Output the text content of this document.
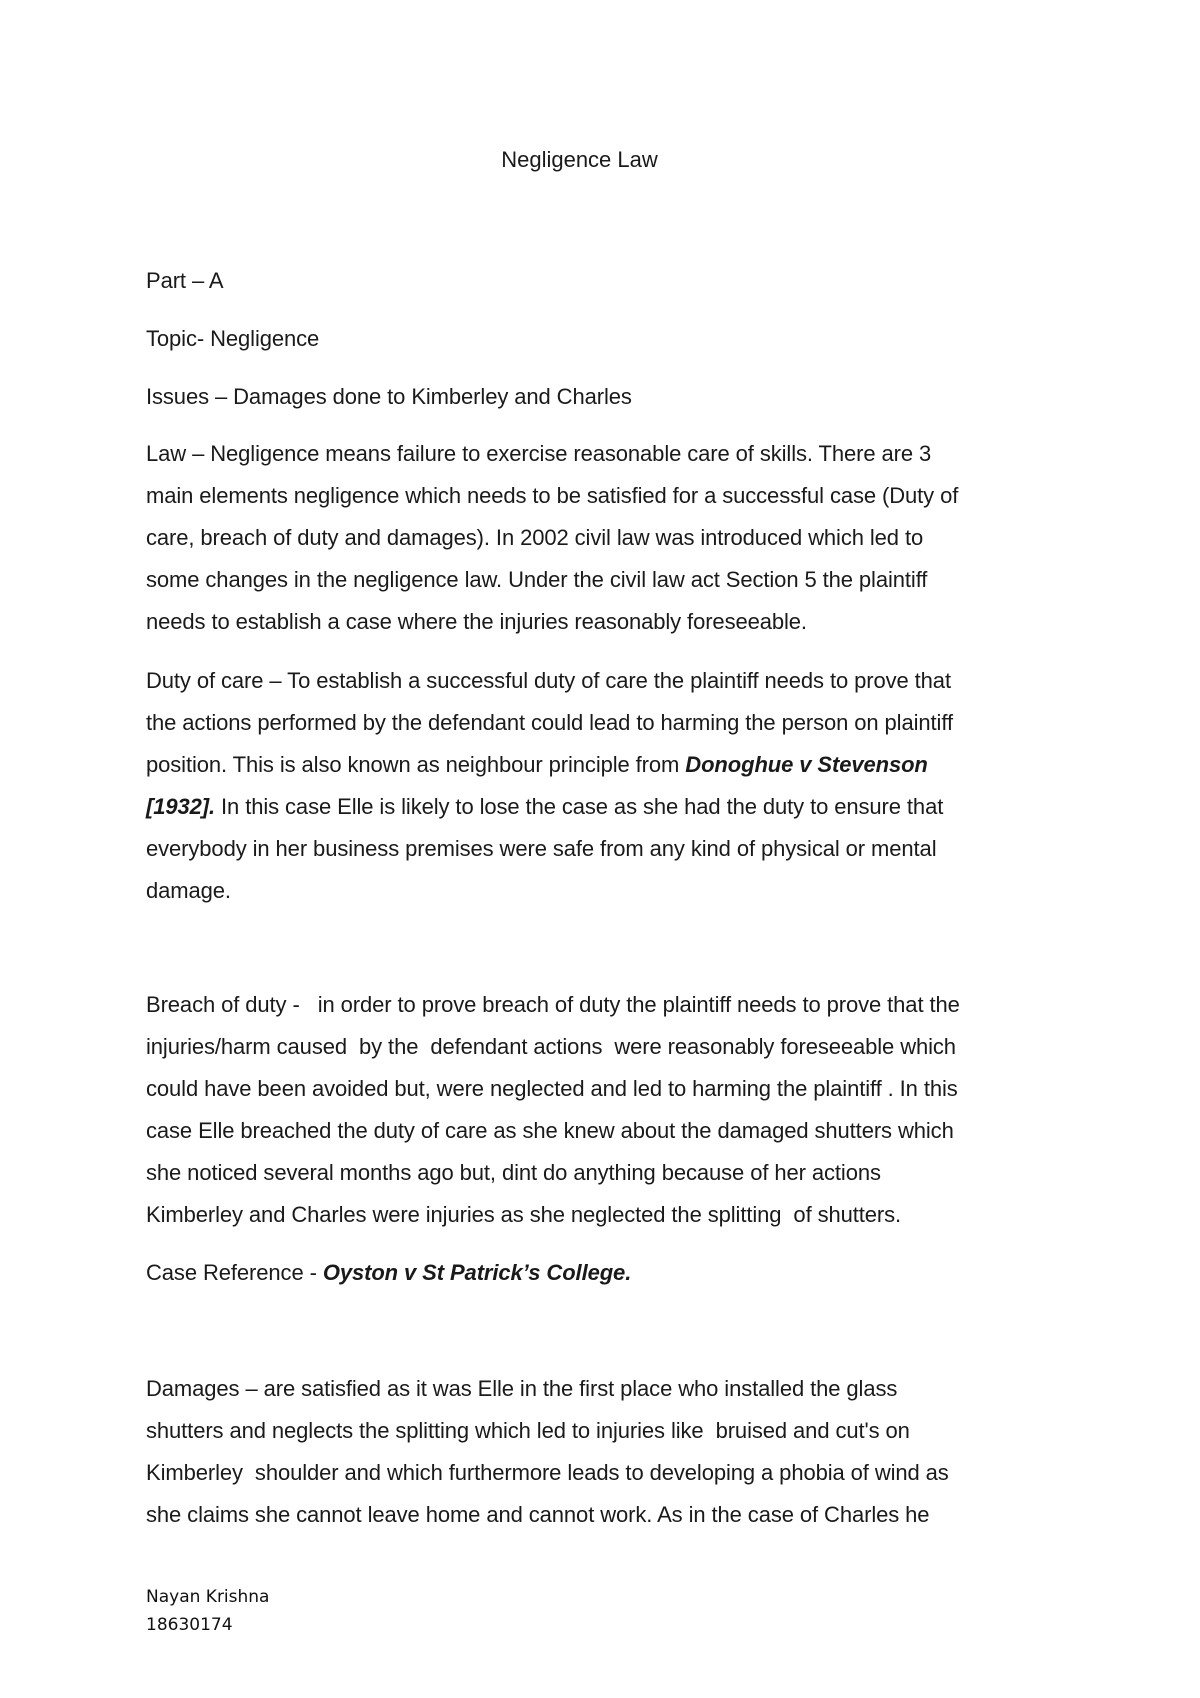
Negligence Law
Part – A
Topic- Negligence
Issues – Damages done to Kimberley and Charles
Law – Negligence means failure to exercise reasonable care of skills. There are 3
main elements negligence which needs to be satisfied for a successful case (Duty of
care, breach of duty and damages). In 2002 civil law was introduced which led to
some changes in the negligence law. Under the civil law act Section 5 the plaintiff
needs to establish a case where the injuries reasonably foreseeable.
Duty of care – To establish a successful duty of care the plaintiff needs to prove that
the actions performed by the defendant could lead to harming the person on plaintiff
position. This is also known as neighbour principle from Donoghue v Stevenson
[1932]. In this case Elle is likely to lose the case as she had the duty to ensure that
everybody in her business premises were safe from any kind of physical or mental
damage.
Breach of duty -   in order to prove breach of duty the plaintiff needs to prove that the
injuries/harm caused  by the  defendant actions  were reasonably foreseeable which
could have been avoided but, were neglected and led to harming the plaintiff . In this
case Elle breached the duty of care as she knew about the damaged shutters which
she noticed several months ago but, dint do anything because of her actions
Kimberley and Charles were injuries as she neglected the splitting  of shutters.
Case Reference - Oyston v St Patrick’s College.
Damages – are satisfied as it was Elle in the first place who installed the glass
shutters and neglects the splitting which led to injuries like  bruised and cut's on
Kimberley  shoulder and which furthermore leads to developing a phobia of wind as
she claims she cannot leave home and cannot work. As in the case of Charles he
Nayan Krishna
18630174
